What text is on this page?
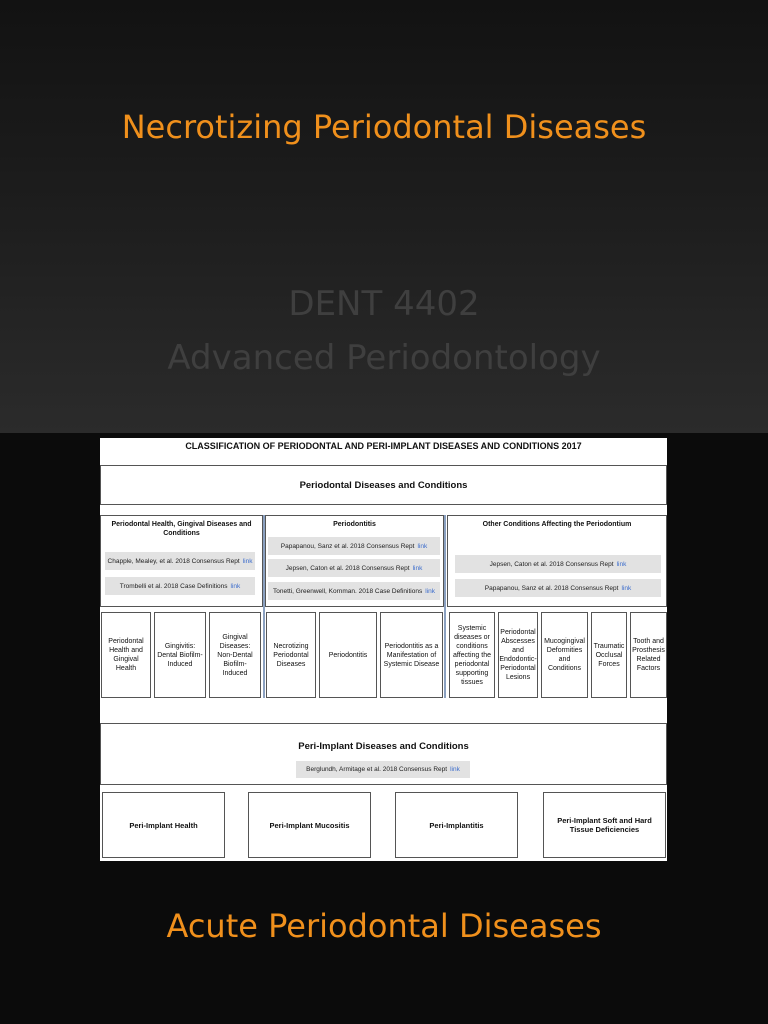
Necrotizing Periodontal Diseases
DENT 4402
Advanced Periodontology
CLASSIFICATION OF PERIODONTAL AND PERI-IMPLANT DISEASES AND CONDITIONS 2017
Periodontal Diseases and Conditions
Periodontal Health, Gingival Diseases and Conditions
Periodontitis	Other Conditions Affecting the Periodontium
Chapple, Mealey, et al. 2018 Consensus Rept link
Trombelli et al. 2018 Case Definitions link
Papapanou, Sanz et al. 2018 Consensus Rept link
Jepsen, Caton et al. 2018 Consensus Rept link
Tonetti, Greenwell, Kornman. 2018 Case Definitions link
Jepsen, Caton et al. 2018 Consensus Rept link
Papapanou, Sanz et al. 2018 Consensus Rept link
Periodontal Health and Gingival Health
Gingivitis: Dental Biofilm-Induced
Gingival Diseases: Non-Dental Biofilm-Induced
Necrotizing Periodontal Diseases
Periodontitis
Periodontitis as a Manifestation of Systemic Disease
Systemic diseases or conditions affecting the periodontal supporting tissues
Periodontal Abscesses and Endodontic-Periodontal Lesions
Mucogingival Deformities and Conditions
Traumatic Occlusal Forces
Tooth and Prosthesis Related Factors
Peri-Implant Diseases and Conditions
Berglundh, Armitage et al. 2018 Consensus Rept link
Peri-Implant Health	Peri-Implant Mucositis	Peri-Implantitis	Peri-Implant Soft and Hard Tissue Deficiencies
Acute Periodontal Diseases
